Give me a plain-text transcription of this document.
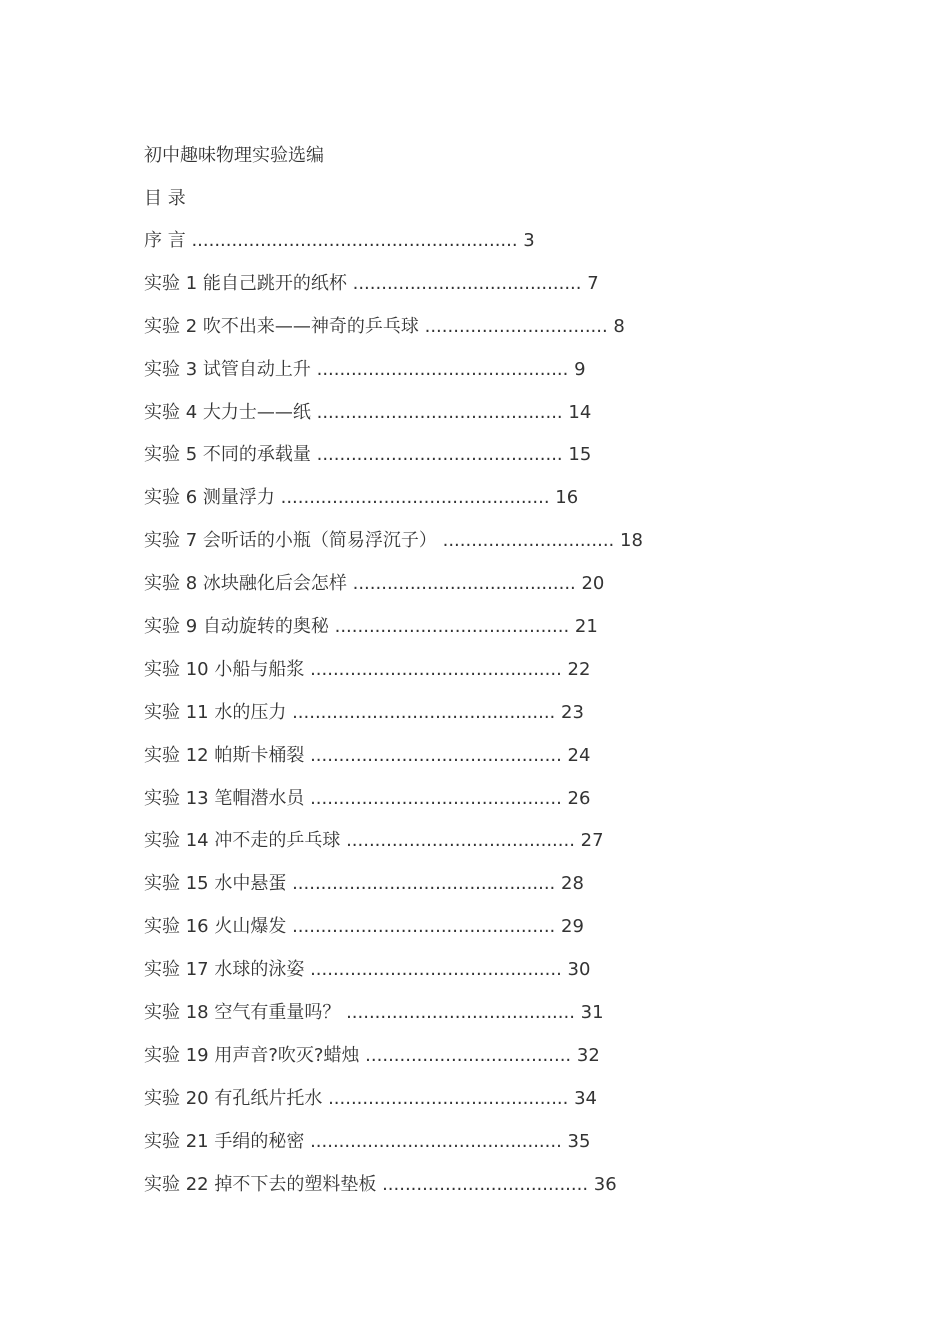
初中趣味物理实验选编
目 录
序 言 ......................................................... 3
实验 1 能自己跳开的纸杯 ........................................ 7
实验 2 吹不出来——神奇的乒乓球 ................................ 8
实验 3 试管自动上升 ............................................ 9
实验 4 大力士——纸 ........................................... 14
实验 5 不同的承载量 ........................................... 15
实验 6 测量浮力 ............................................... 16
实验 7 会听话的小瓶（简易浮沉子） .............................. 18
实验 8 冰块融化后会怎样 ....................................... 20
实验 9 自动旋转的奥秘 ......................................... 21
实验 10 小船与船浆 ............................................ 22
实验 11 水的压力 .............................................. 23
实验 12 帕斯卡桶裂 ............................................ 24
实验 13 笔帽潜水员 ............................................ 26
实验 14 冲不走的乒乓球 ........................................ 27
实验 15 水中悬蛋 .............................................. 28
实验 16 火山爆发 .............................................. 29
实验 17 水球的泳姿 ............................................ 30
实验 18 空气有重量吗？ ........................................ 31
实验 19 用声音?吹灭?蜡烛 .................................... 32
实验 20 有孔纸片托水 .......................................... 34
实验 21 手绢的秘密 ............................................ 35
实验 22 掉不下去的塑料垫板 .................................... 36
